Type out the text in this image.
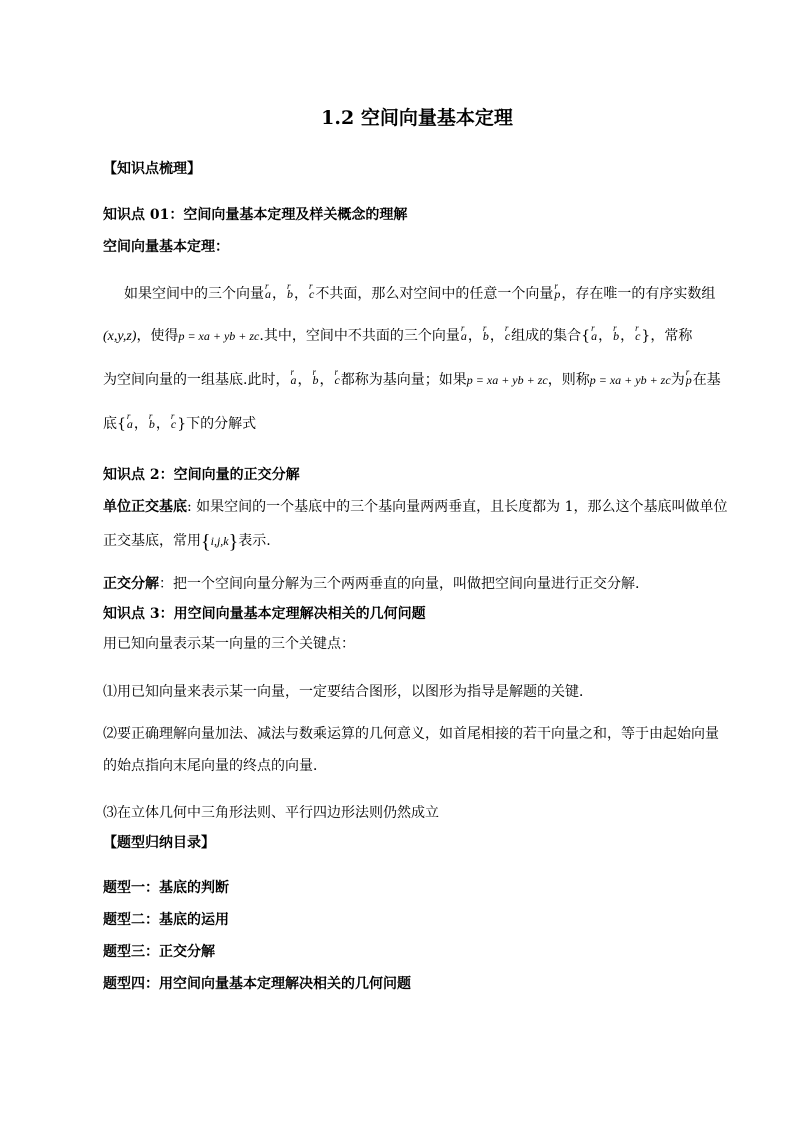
1.2 空间向量基本定理
【知识点梳理】
知识点 01：空间向量基本定理及样关概念的理解
空间向量基本定理：
如果空间中的三个向量r a，r b，r c不共面，那么对空间中的任意一个向量r p，存在唯一的有序实数组
(x,y,z)，使得p = xa + yb + zc.其中，空间中不共面的三个向量r a，r b，r c组成的集合{r a，r b，r c}，常称
为空间向量的一组基底.此时，r a，r b，r c都称为基向量；如果p = xa + yb + zc，则称p = xa + yb + zc为r p在基
底{r a，r b，r c}下的分解式
知识点 2：空间向量的正交分解
单位正交基底: 如果空间的一个基底中的三个基向量两两垂直，且长度都为 1，那么这个基底叫做单位
正交基底，常用{i,j,k}表示.
正交分解：把一个空间向量分解为三个两两垂直的向量，叫做把空间向量进行正交分解.
知识点 3：用空间向量基本定理解决相关的几何问题
用已知向量表示某一向量的三个关键点：
⑴用已知向量来表示某一向量，一定要结合图形，以图形为指导是解题的关键．
⑵要正确理解向量加法、减法与数乘运算的几何意义，如首尾相接的若干向量之和，等于由起始向量
的始点指向末尾向量的终点的向量．
⑶在立体几何中三角形法则、平行四边形法则仍然成立
【题型归纳目录】
题型一：基底的判断
题型二：基底的运用
题型三：正交分解
题型四：用空间向量基本定理解决相关的几何问题
